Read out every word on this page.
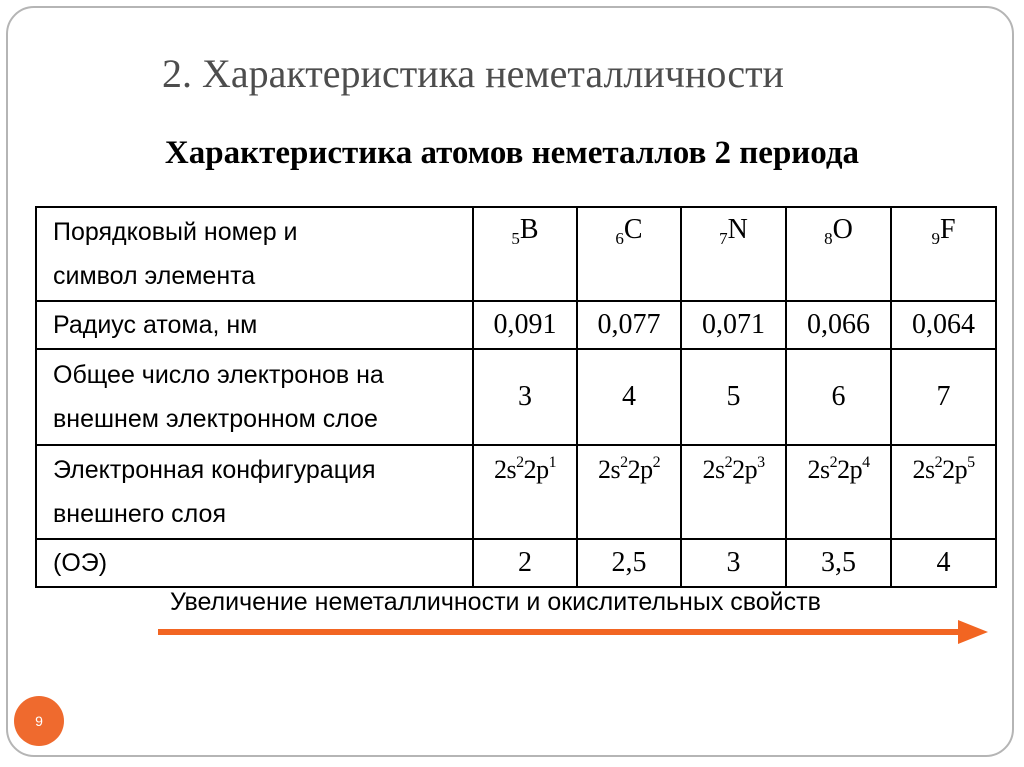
2. Характеристика неметалличности
Характеристика атомов неметаллов 2 периода
Порядковый номер и
символ элемента	$_5$B	$_6$C	$_7$N	$_8$O	$_9$F
Радиус атома, нм	0,091	0,077	0,071	0,066	0,064

Общее число электронов на
внешнем электронном слое	3	4	5	6	7

Электронная конфигурация
внешнего слоя	$2s^22p^1$	$2s^22p^2$	$2s^22p^3$	$2s^22p^4$	$2s^22p^5$
(ОЭ)	2	2,5	3	3,5	4
Увеличение неметалличности и окислительных свойств
9
